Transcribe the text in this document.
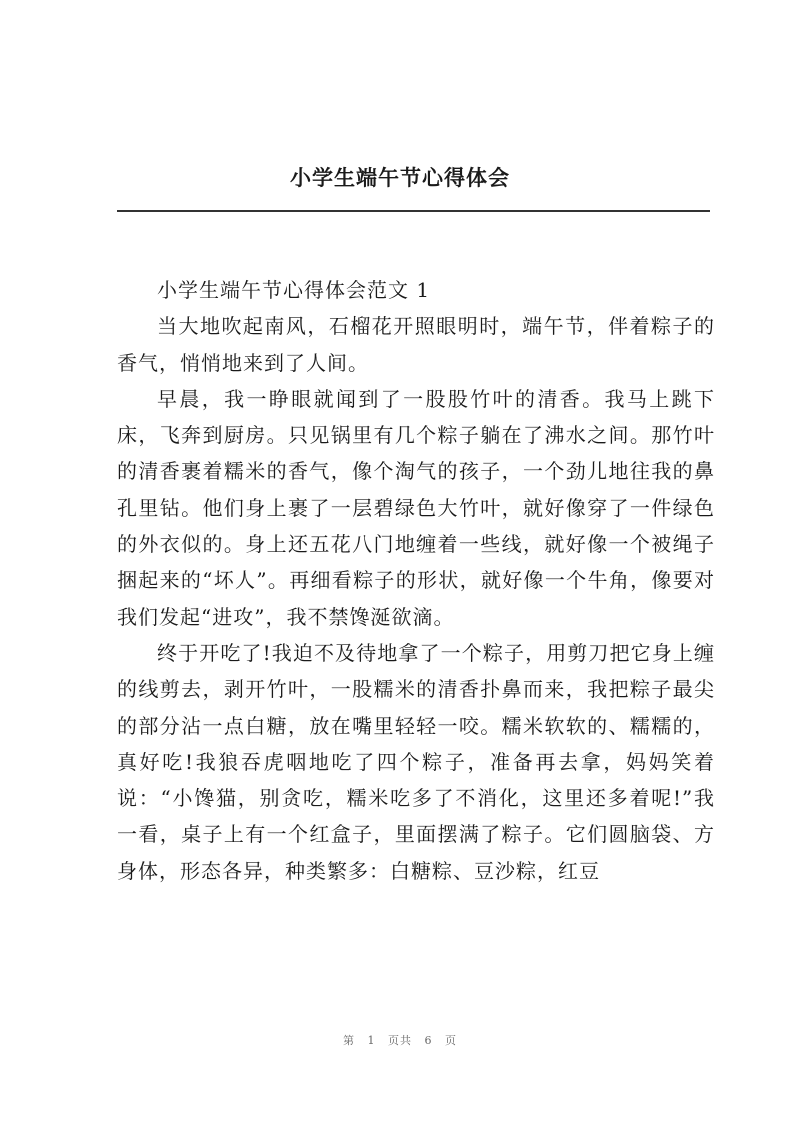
小学生端午节心得体会

小学生端午节心得体会范文 1

当大地吹起南风，石榴花开照眼明时，端午节，伴着粽子的香气，悄悄地来到了人间。

早晨，我一睁眼就闻到了一股股竹叶的清香。我马上跳下床，飞奔到厨房。只见锅里有几个粽子躺在了沸水之间。那竹叶的清香裹着糯米的香气，像个淘气的孩子，一个劲儿地往我的鼻孔里钻。他们身上裹了一层碧绿色大竹叶，就好像穿了一件绿色的外衣似的。身上还五花八门地缠着一些线，就好像一个被绳子捆起来的“坏人”。再细看粽子的形状，就好像一个牛角，像要对我们发起“进攻”，我不禁馋涎欲滴。

终于开吃了!我迫不及待地拿了一个粽子，用剪刀把它身上缠的线剪去，剥开竹叶，一股糯米的清香扑鼻而来，我把粽子最尖的部分沾一点白糖，放在嘴里轻轻一咬。糯米软软的、糯糯的，真好吃!我狼吞虎咽地吃了四个粽子，准备再去拿，妈妈笑着说：“小馋猫，别贪吃，糯米吃多了不消化，这里还多着呢!”我一看，桌子上有一个红盒子，里面摆满了粽子。它们圆脑袋、方身体，形态各异，种类繁多：白糖粽、豆沙粽，红豆

第 1 页共 6 页
